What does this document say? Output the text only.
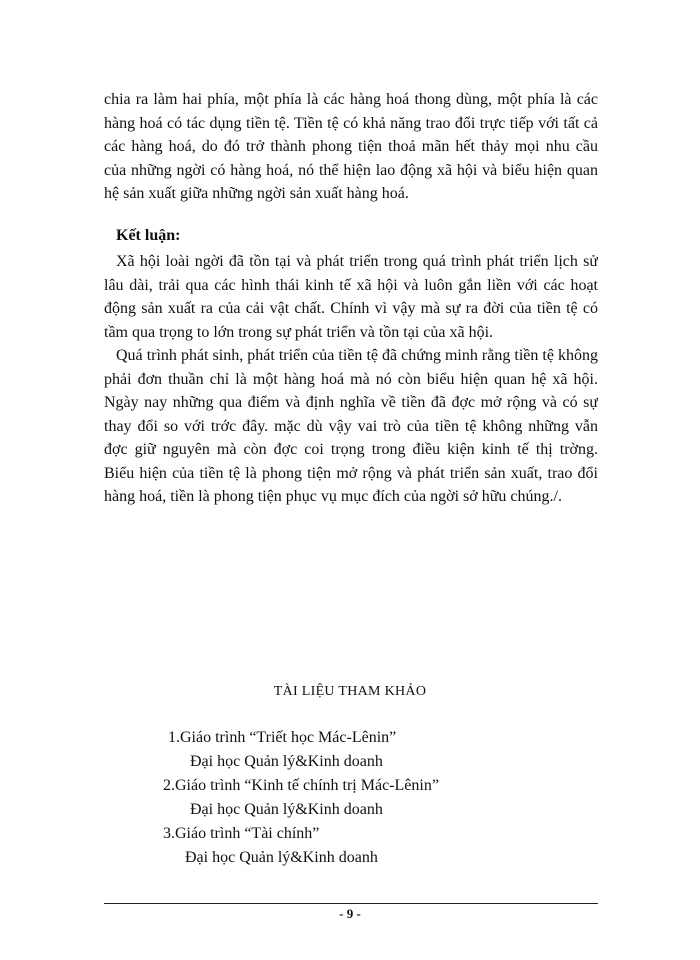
chia ra làm hai phía, một phía là các hàng hoá thong dùng, một phía là các
hàng hoá có tác dụng tiền tệ. Tiền tệ có khả năng trao đổi trực tiếp với tất cả
các hàng hoá, do đó trở thành phong tiện thoả mãn hết thảy mọi nhu cầu
của những ngời có hàng hoá, nó thể hiện lao động xã hội và biểu hiện quan
hệ sản xuất giữa những ngời sản xuất hàng hoá.

Kết luận:

Xã hội loài ngời đã tồn tại và phát triển trong quá trình phát triển lịch sử
lâu dài, trải qua các hình thái kinh tế xã hội và luôn gắn liền với các hoạt
động sản xuất ra của cải vật chất. Chính vì vậy mà sự ra đời của tiền tệ có
tầm qua trọng to lớn trong sự phát triển và tồn tại của xã hội.
Quá trình phát sinh, phát triển của tiền tệ đã chứng minh rằng tiền tệ không
phải đơn thuần chỉ là một hàng hoá mà nó còn biểu hiện quan hệ xã hội.
Ngày nay những qua điểm và định nghĩa về tiền đã đợc mở rộng và có sự
thay đổi so với trớc đây. mặc dù vậy vai trò của tiền tệ không những vẫn
đợc giữ nguyên mà còn đợc coi trọng trong điều kiện kinh tế thị trờng.
Biểu hiện của tiền tệ là phong tiện mở rộng và phát triển sản xuất, trao đổi
hàng hoá, tiền là phong tiện phục vụ mục đích của ngời sở hữu chúng./.

TÀI LIỆU THAM KHẢO

1.Giáo trình “Triết học Mác-Lênin”

Đại học Quản lý&Kinh doanh

2.Giáo trình “Kinh tế chính trị Mác-Lênin”

Đại học Quản lý&Kinh doanh

3.Giáo trình “Tài chính”

Đại học Quản lý&Kinh doanh

- 9 -
